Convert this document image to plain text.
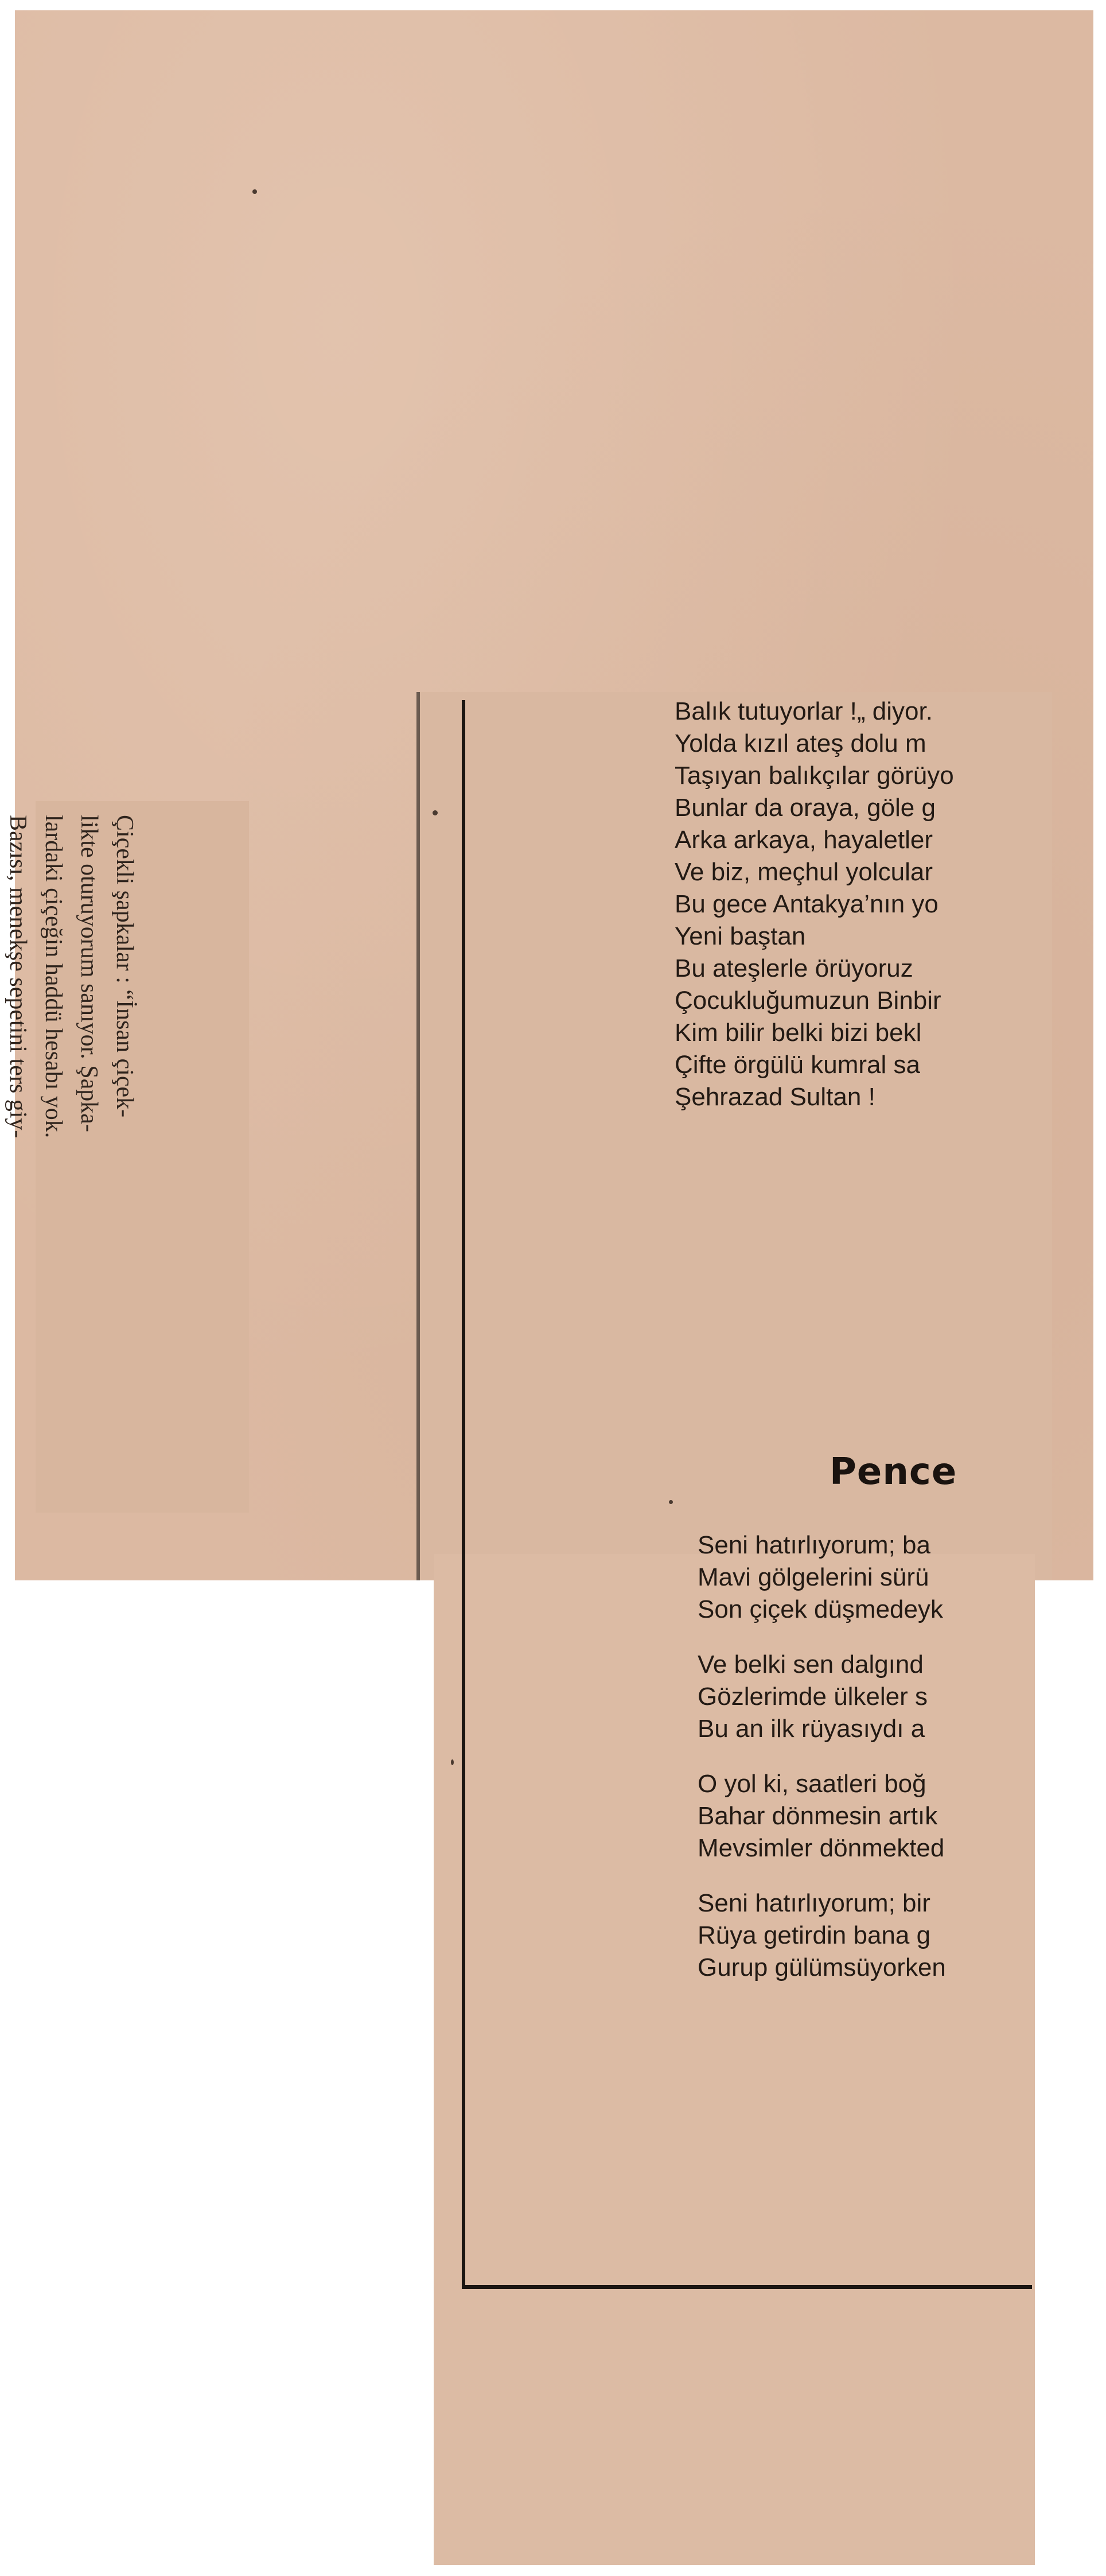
Çiçekli şapkalar : “İnsan çiçek-
likte oturuyorum sanıyor. Şapka-
lardaki çiçeğin haddü hesabı yok.
Bazısı, menekşe sepetini ters giy-
Balık tutuyorlar !„ diyor.
Yolda kızıl ateş dolu m
Taşıyan balıkçılar görüyo
Bunlar da oraya, göle g
Arka arkaya, hayaletler
Ve biz, meçhul yolcular
Bu gece Antakya’nın yo
Yeni baştan
Bu ateşlerle örüyoruz
Çocukluğumuzun Binbir
Kim bilir belki bizi bekl
Çifte örgülü kumral sa
Şehrazad Sultan !
Pence
Seni hatırlıyorum; ba
Mavi gölgelerini sürü
Son çiçek düşmedeyk
Ve belki sen dalgınd
Gözlerimde ülkeler s
Bu an ilk rüyasıydı a
O yol ki, saatleri boğ
Bahar dönmesin artık
Mevsimler dönmekted
Seni hatırlıyorum; bir
Rüya getirdin bana g
Gurup gülümsüyorken
